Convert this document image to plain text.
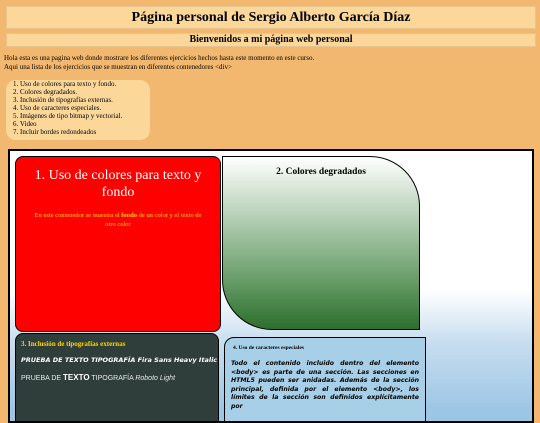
Página personal de Sergio Alberto García Díaz
Bienvenidos a mi página web personal
Hola esta es una pagina web donde mostrare los diferentes ejercicios hechos hasta este momento en este curso.
Aqui una lista de los ejercicios que se muestran en diferentes contenedores <div>
1. Uso de colores para texto y fondo.
2. Colores degradados.
3. Inclusión de tipografías externas.
4. Uso de caracteres especiales.
5. Imágenes de tipo bitmap y vectorial.
6. Video
7. Incluir bordes redondeados
1. Uso de colores para texto y fondo

En este contenedor se muestra el fondo de un color y el texto de otro color

2. Colores degradados
3. Inclusión de tipografías externas
PRUEBA DE TEXTO TIPOGRAFÍA Fira Sans Heavy Italic
PRUEBA DE TEXTO TIPOGRAFÍA Roboto Light
4. Uso de caracteres especiales

Todo el contenido incluido dentro del elemento <body> es parte de una sección. Las secciones en HTML5 pueden ser anidadas. Además de la sección principal, definida por el elemento <body>, los límites de la sección son definidos explícitamente por
